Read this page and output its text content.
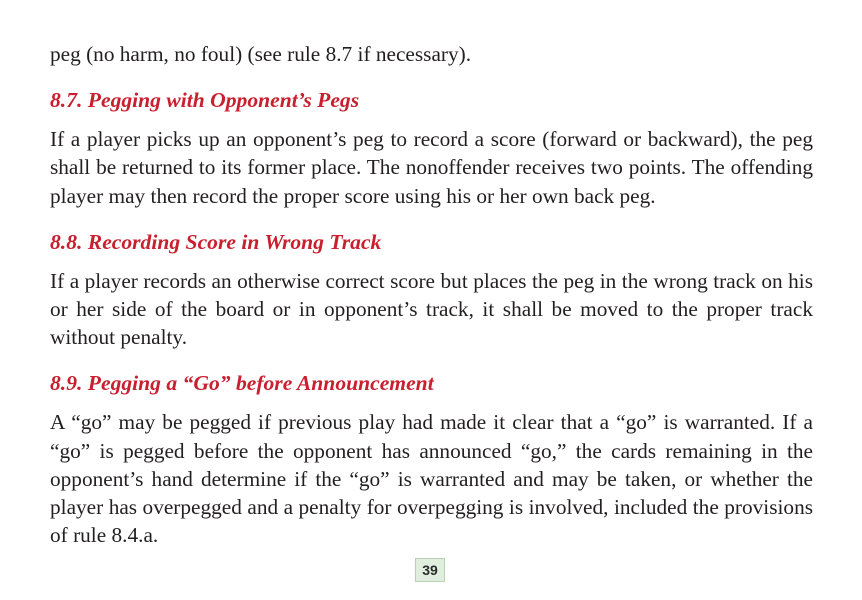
peg (no harm, no foul) (see rule 8.7 if necessary).

8.7. Pegging with Opponent’s Pegs

If a player picks up an opponent’s peg to record a score (forward or backward), the peg shall be returned to its former place. The nonoffender receives two points. The offending player may then record the proper score using his or her own back peg.

8.8. Recording Score in Wrong Track

If a player records an otherwise correct score but places the peg in the wrong track on his or her side of the board or in opponent’s track, it shall be moved to the proper track without penalty.

8.9. Pegging a “Go” before Announcement

A “go” may be pegged if previous play had made it clear that a “go” is warranted. If a “go” is pegged before the opponent has announced “go,” the cards remaining in the opponent’s hand determine if the “go” is warranted and may be taken, or whether the player has overpegged and a penalty for overpegging is involved, included the provisions of rule 8.4.a.

39
